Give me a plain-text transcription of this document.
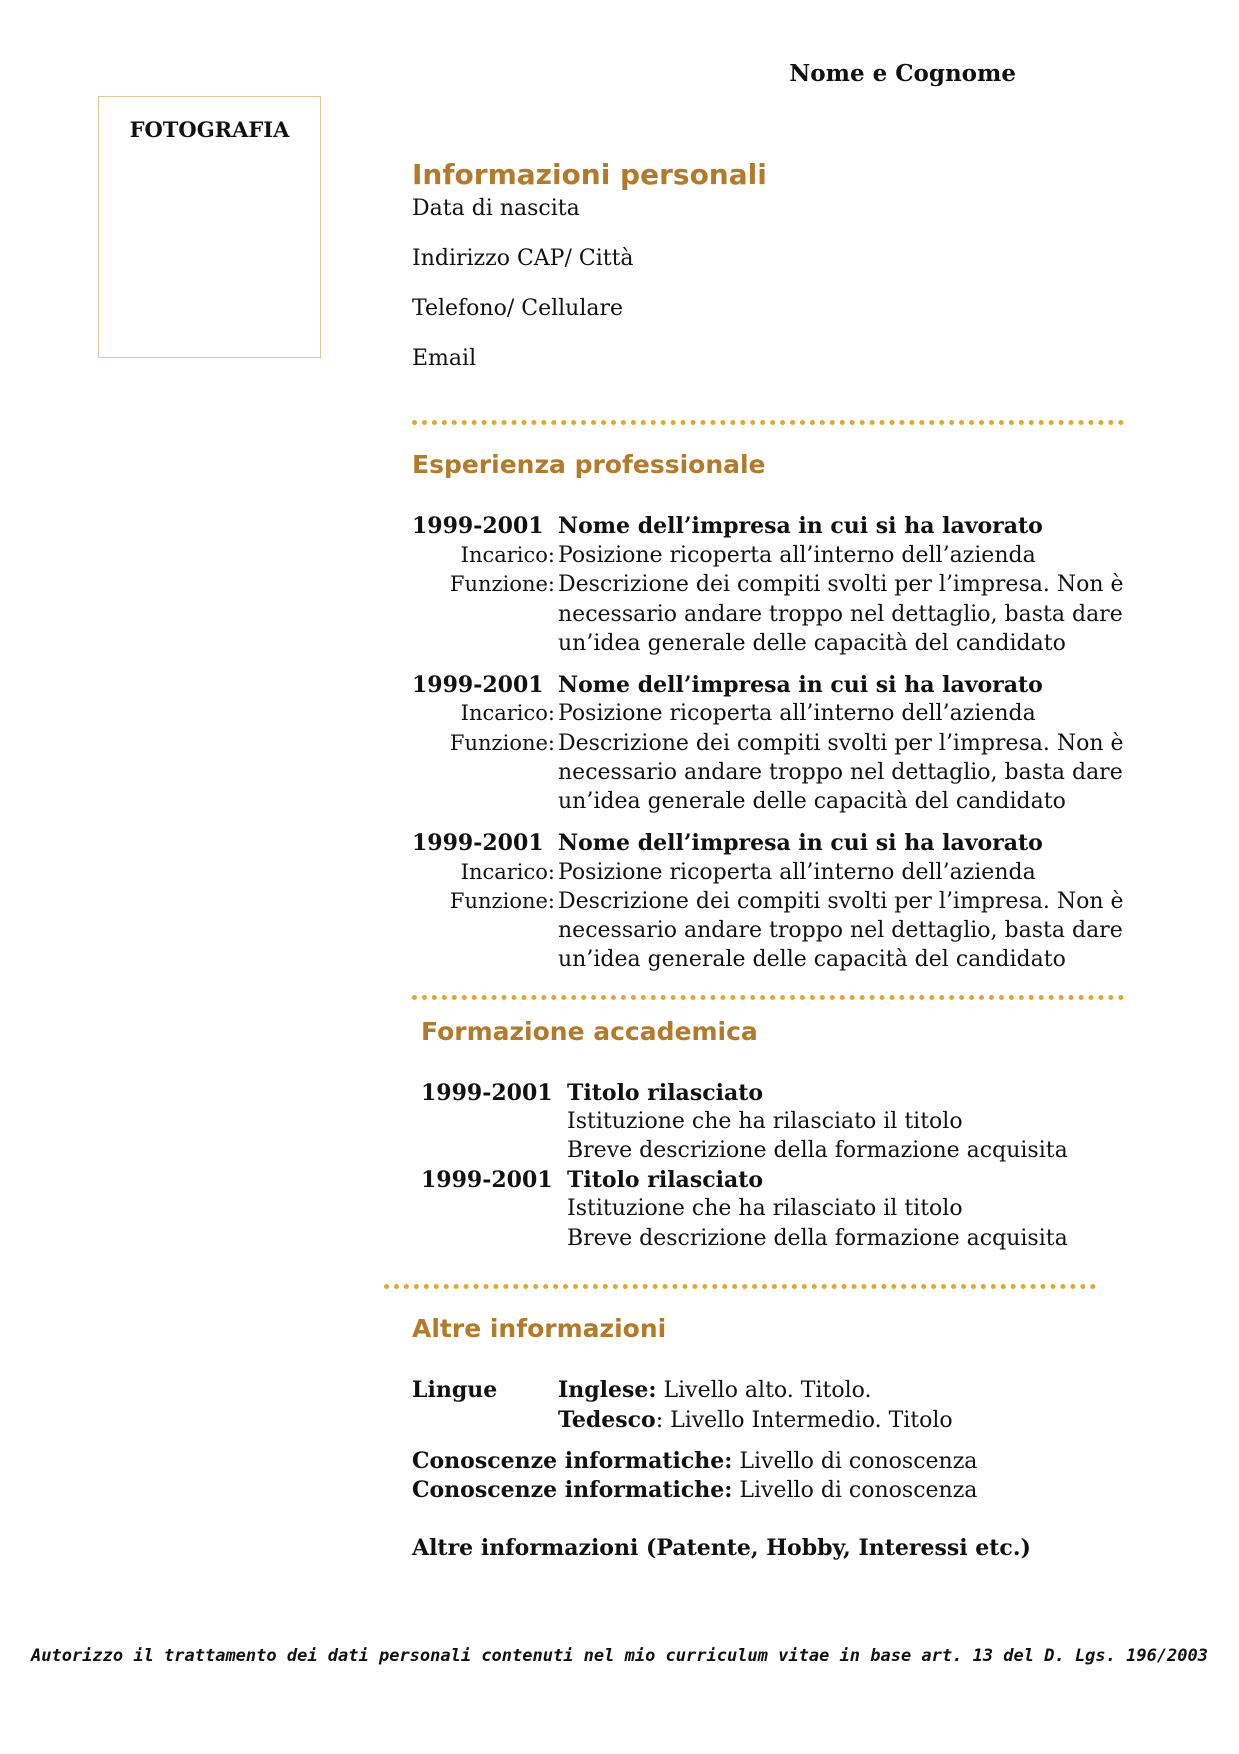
Nome e Cognome
FOTOGRAFIA
Informazioni personali
Data di nascita
Indirizzo CAP/ Città
Telefono/ Cellulare
Email
Esperienza professionale
1999-2001 Nome dell’impresa in cui si ha lavorato
Incarico: Posizione ricoperta all’interno dell’azienda
Funzione: Descrizione dei compiti svolti per l’impresa. Non è
necessario andare troppo nel dettaglio, basta dare
un’idea generale delle capacità del candidato
1999-2001 Nome dell’impresa in cui si ha lavorato
Incarico: Posizione ricoperta all’interno dell’azienda
Funzione: Descrizione dei compiti svolti per l’impresa. Non è
necessario andare troppo nel dettaglio, basta dare
un’idea generale delle capacità del candidato
1999-2001 Nome dell’impresa in cui si ha lavorato
Incarico: Posizione ricoperta all’interno dell’azienda
Funzione: Descrizione dei compiti svolti per l’impresa. Non è
necessario andare troppo nel dettaglio, basta dare
un’idea generale delle capacità del candidato
Formazione accademica
1999-2001 Titolo rilasciato
Istituzione che ha rilasciato il titolo
Breve descrizione della formazione acquisita
1999-2001 Titolo rilasciato
Istituzione che ha rilasciato il titolo
Breve descrizione della formazione acquisita
Altre informazioni
Lingue	Inglese: Livello alto. Titolo.
Tedesco: Livello Intermedio. Titolo
Conoscenze informatiche: Livello di conoscenza
Conoscenze informatiche: Livello di conoscenza
Altre informazioni (Patente, Hobby, Interessi etc.)
Autorizzo il trattamento dei dati personali contenuti nel mio curriculum vitae in base art. 13 del D. Lgs. 196/2003
